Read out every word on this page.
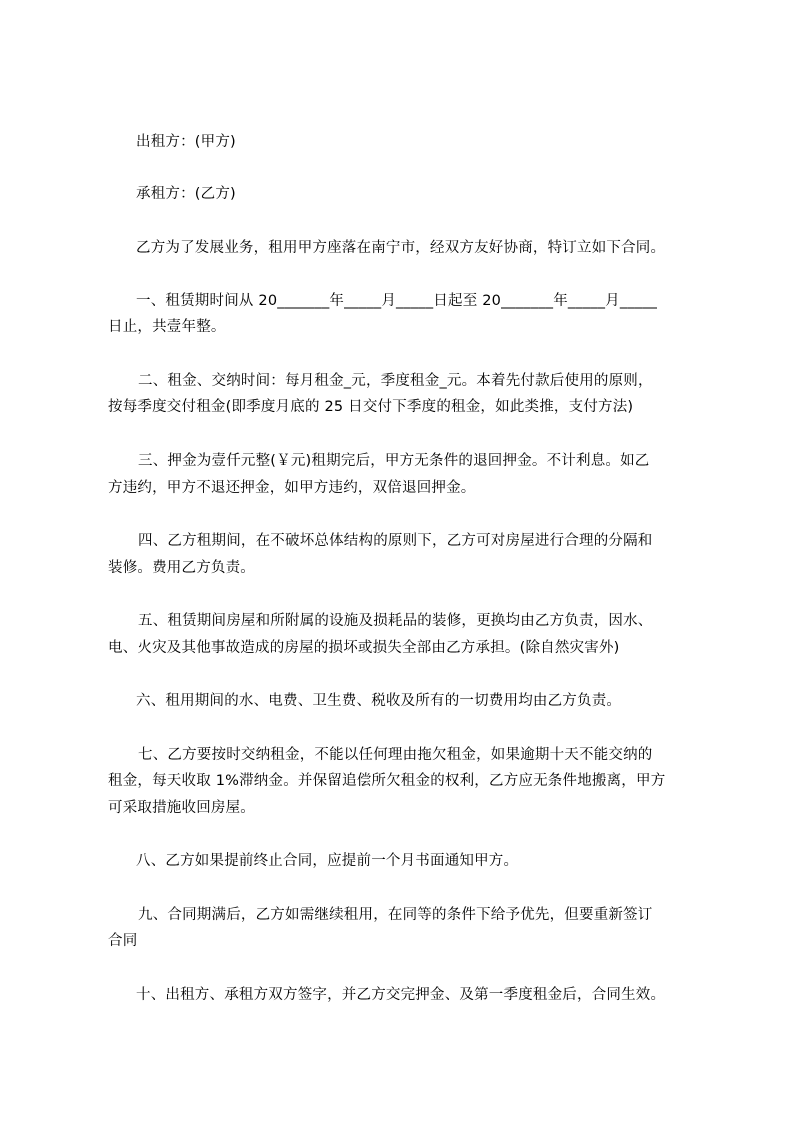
出租方：(甲方)
承租方：(乙方)
乙方为了发展业务，租用甲方座落在南宁市，经双方友好协商，特订立如下合同。
一、租赁期时间从 20_______年_____月_____日起至 20_______年_____月_____
日止，共壹年整。
二、租金、交纳时间：每月租金_元，季度租金_元。本着先付款后使用的原则，
按每季度交付租金(即季度月底的 25 日交付下季度的租金，如此类推，支付方法)
三、押金为壹仟元整(￥元)租期完后，甲方无条件的退回押金。不计利息。如乙
方违约，甲方不退还押金，如甲方违约，双倍退回押金。
四、乙方租期间，在不破坏总体结构的原则下，乙方可对房屋进行合理的分隔和
装修。费用乙方负责。
五、租赁期间房屋和所附属的设施及损耗品的装修，更换均由乙方负责，因水、
电、火灾及其他事故造成的房屋的损坏或损失全部由乙方承担。(除自然灾害外)
六、租用期间的水、电费、卫生费、税收及所有的一切费用均由乙方负责。
七、乙方要按时交纳租金，不能以任何理由拖欠租金，如果逾期十天不能交纳的
租金，每天收取 1%滞纳金。并保留追偿所欠租金的权利，乙方应无条件地搬离，甲方
可采取措施收回房屋。
八、乙方如果提前终止合同，应提前一个月书面通知甲方。
九、合同期满后，乙方如需继续租用，在同等的条件下给予优先，但要重新签订
合同
十、出租方、承租方双方签字，并乙方交完押金、及第一季度租金后，合同生效。
